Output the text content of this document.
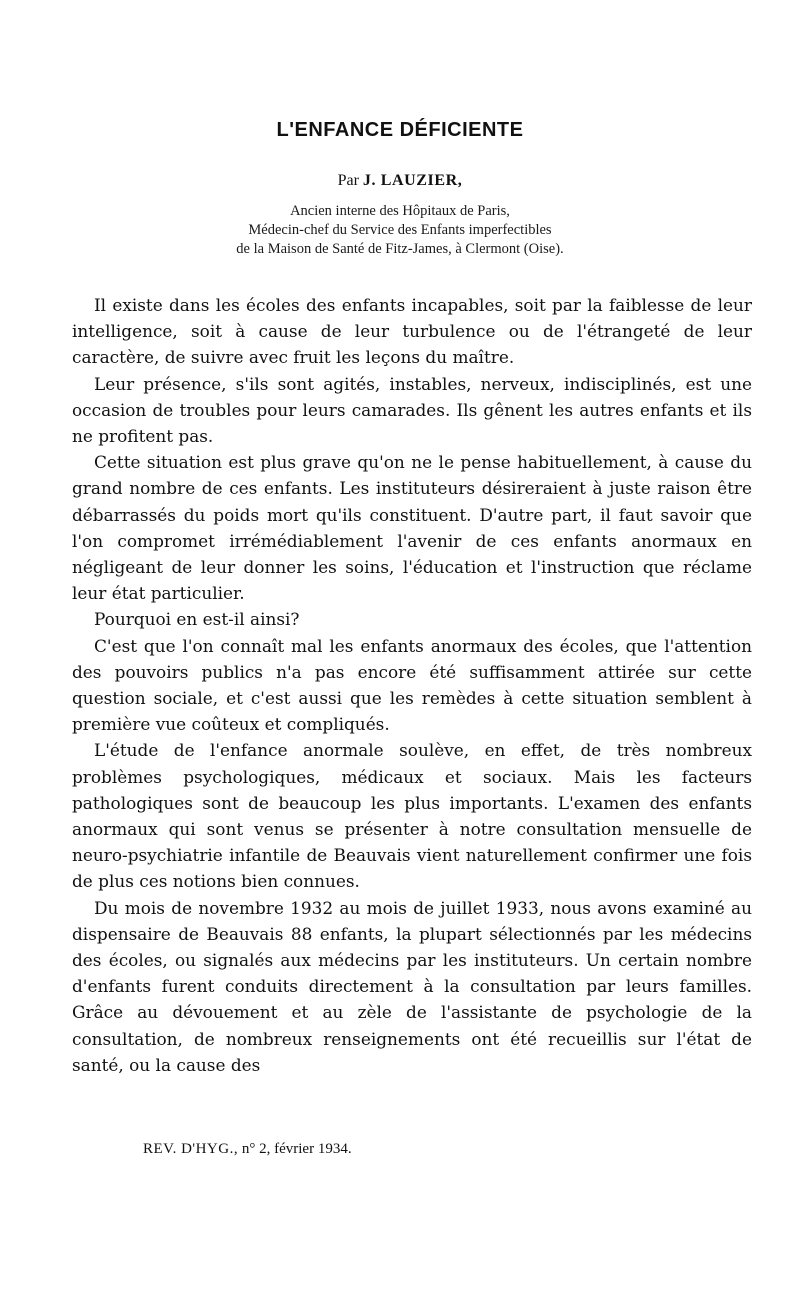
L'ENFANCE DÉFICIENTE
Par J. LAUZIER,
Ancien interne des Hôpitaux de Paris,
Médecin-chef du Service des Enfants imperfectibles
de la Maison de Santé de Fitz-James, à Clermont (Oise).

Il existe dans les écoles des enfants incapables, soit par la faiblesse de leur intelligence, soit à cause de leur turbulence ou de l'étrangeté de leur caractère, de suivre avec fruit les leçons du maître.

Leur présence, s'ils sont agités, instables, nerveux, indisciplinés, est une occasion de troubles pour leurs camarades. Ils gênent les autres enfants et ils ne profitent pas.

Cette situation est plus grave qu'on ne le pense habituellement, à cause du grand nombre de ces enfants. Les instituteurs désireraient à juste raison être débarrassés du poids mort qu'ils constituent. D'autre part, il faut savoir que l'on compromet irrémédiablement l'avenir de ces enfants anormaux en négligeant de leur donner les soins, l'éducation et l'instruction que réclame leur état particulier.

Pourquoi en est-il ainsi?

C'est que l'on connaît mal les enfants anormaux des écoles, que l'attention des pouvoirs publics n'a pas encore été suffisamment attirée sur cette question sociale, et c'est aussi que les remèdes à cette situation semblent à première vue coûteux et compliqués.

L'étude de l'enfance anormale soulève, en effet, de très nombreux problèmes psychologiques, médicaux et sociaux. Mais les facteurs pathologiques sont de beaucoup les plus importants. L'examen des enfants anormaux qui sont venus se présenter à notre consultation mensuelle de neuro-psychiatrie infantile de Beauvais vient naturellement confirmer une fois de plus ces notions bien connues.

Du mois de novembre 1932 au mois de juillet 1933, nous avons examiné au dispensaire de Beauvais 88 enfants, la plupart sélectionnés par les médecins des écoles, ou signalés aux médecins par les instituteurs. Un certain nombre d'enfants furent conduits directement à la consultation par leurs familles. Grâce au dévouement et au zèle de l'assistante de psychologie de la consultation, de nombreux renseignements ont été recueillis sur l'état de santé, ou la cause des

REV. D'HYG., n° 2, février 1934.
